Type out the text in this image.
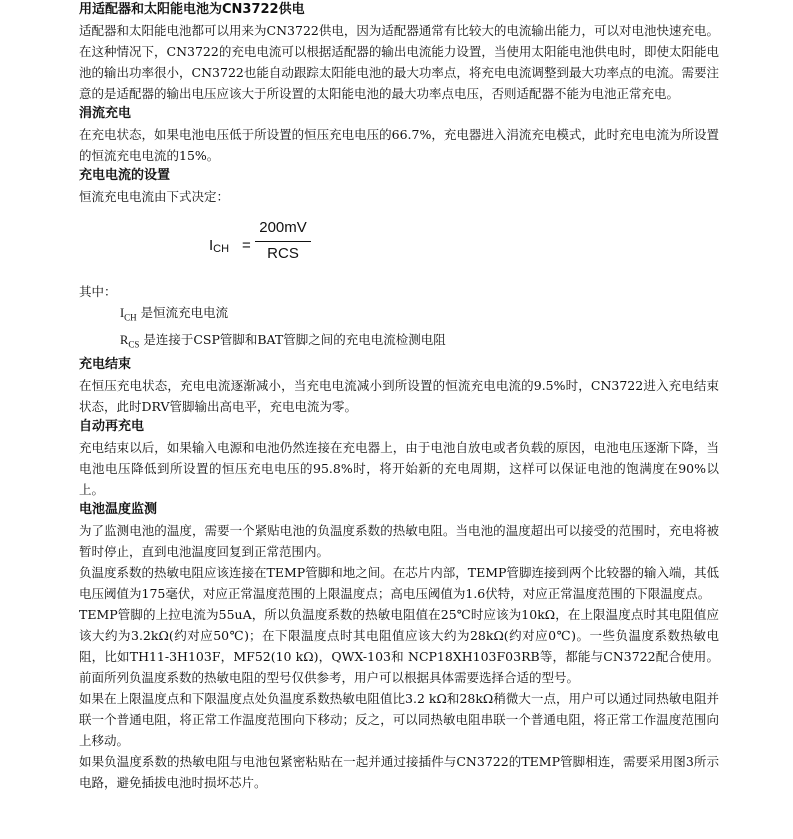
用适配器和太阳能电池为CN3722供电

适配器和太阳能电池都可以用来为CN3722供电，因为适配器通常有比较大的电流输出能力，可以对电池快速充电。在这种情况下，CN3722的充电电流可以根据适配器的输出电流能力设置，当使用太阳能电池供电时，即使太阳能电池的输出功率很小，CN3722也能自动跟踪太阳能电池的最大功率点，将充电电流调整到最大功率点的电流。需要注意的是适配器的输出电压应该大于所设置的太阳能电池的最大功率点电压，否则适配器不能为电池正常充电。

涓流充电

在充电状态，如果电池电压低于所设置的恒压充电电压的66.7%，充电器进入涓流充电模式，此时充电电流为所设置的恒流充电电流的15%。

充电电流的设置

恒流充电电流由下式决定：

$I_{CH}$ =
200mV
RCS

其中：

$I_{CH}$ 是恒流充电电流

$R_{CS}$ 是连接于CSP管脚和BAT管脚之间的充电电流检测电阻

充电结束

在恒压充电状态，充电电流逐渐减小，当充电电流减小到所设置的恒流充电电流的9.5%时，CN3722进入充电结束状态，此时DRV管脚输出高电平，充电电流为零。

自动再充电

充电结束以后，如果输入电源和电池仍然连接在充电器上，由于电池自放电或者负载的原因，电池电压逐渐下降，当电池电压降低到所设置的恒压充电电压的95.8%时，将开始新的充电周期，这样可以保证电池的饱满度在90%以上。

电池温度监测

为了监测电池的温度，需要一个紧贴电池的负温度系数的热敏电阻。当电池的温度超出可以接受的范围时，充电将被暂时停止，直到电池温度回复到正常范围内。

负温度系数的热敏电阻应该连接在TEMP管脚和地之间。在芯片内部，TEMP管脚连接到两个比较器的输入端，其低电压阈值为175毫伏，对应正常温度范围的上限温度点；高电压阈值为1.6伏特，对应正常温度范围的下限温度点。

TEMP管脚的上拉电流为55uA，所以负温度系数的热敏电阻值在25℃时应该为10kΩ，在上限温度点时其电阻值应该大约为3.2kΩ(约对应50℃)；在下限温度点时其电阻值应该大约为28kΩ(约对应0℃)。一些负温度系数热敏电阻，比如TH11-3H103F，MF52(10 kΩ)，QWX-103和 NCP18XH103F03RB等，都能与CN3722配合使用。前面所列负温度系数的热敏电阻的型号仅供参考，用户可以根据具体需要选择合适的型号。

如果在上限温度点和下限温度点处负温度系数热敏电阻值比3.2 kΩ和28kΩ稍微大一点，用户可以通过同热敏电阻并联一个普通电阻，将正常工作温度范围向下移动；反之，可以同热敏电阻串联一个普通电阻，将正常工作温度范围向上移动。

如果负温度系数的热敏电阻与电池包紧密粘贴在一起并通过接插件与CN3722的TEMP管脚相连，需要采用图3所示电路，避免插拔电池时损坏芯片。
